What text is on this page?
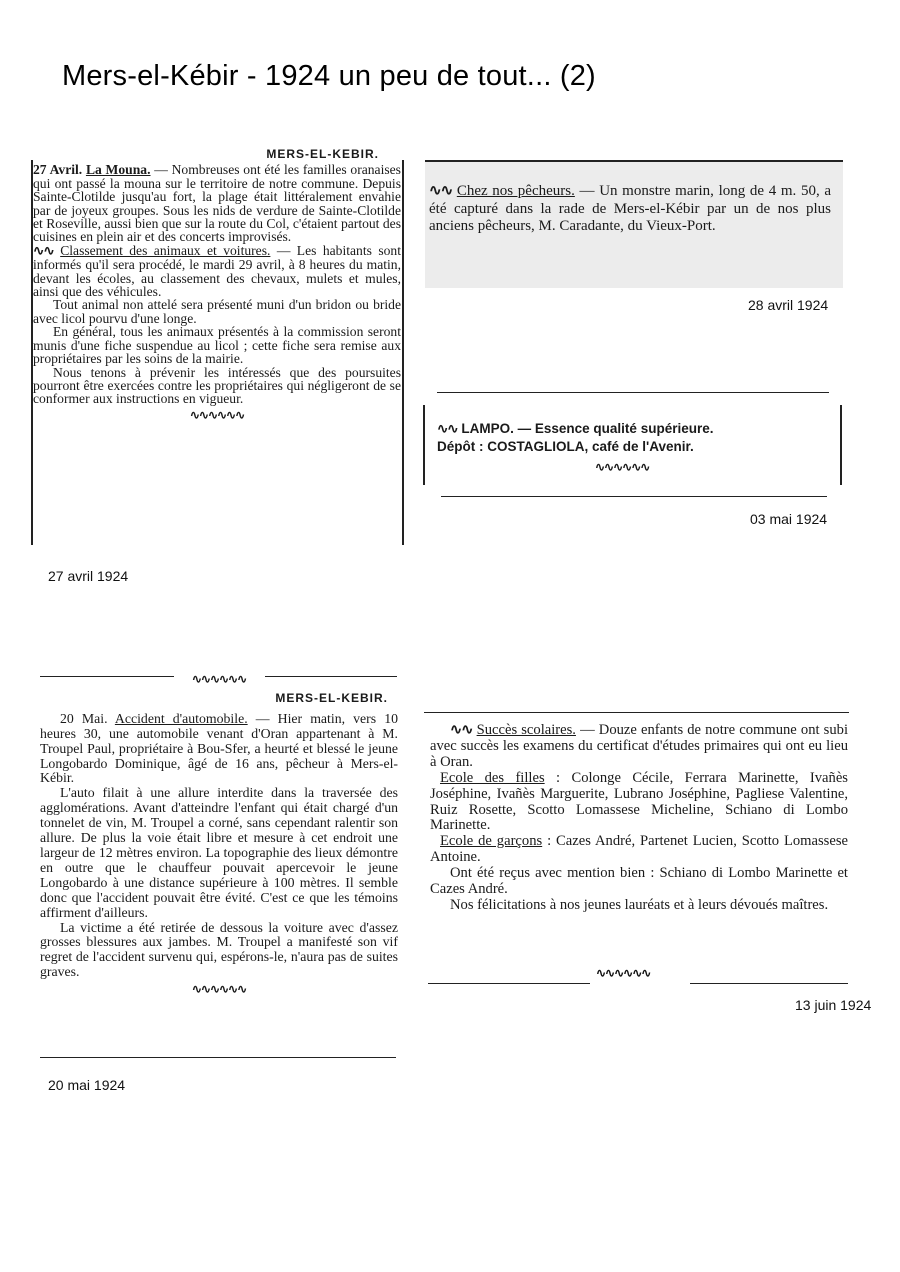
Mers-el-Kébir - 1924 un peu de tout... (2)
MERS-EL-KEBIR.

27 Avril. La Mouna. — Nombreuses ont été les familles oranaises qui ont passé la mouna sur le territoire de notre commune. Depuis Sainte-Clotilde jusqu'au fort, la plage était littéralement envahie par de joyeux groupes. Sous les nids de verdure de Sainte-Clotilde et Roseville, aussi bien que sur la route du Col, c'étaient partout des cuisines en plein air et des concerts improvisés.

∿∿ Classement des animaux et voitures. — Les habitants sont informés qu'il sera procédé, le mardi 29 avril, à 8 heures du matin, devant les écoles, au classement des chevaux, mulets et mules, ainsi que des véhicules.

Tout animal non attelé sera présenté muni d'un bridon ou bride avec licol pourvu d'une longe.

En général, tous les animaux présentés à la commission seront munis d'une fiche suspendue au licol ; cette fiche sera remise aux propriétaires par les soins de la mairie.

Nous tenons à prévenir les intéressés que des poursuites pourront être exercées contre les propriétaires qui négligeront de se conformer aux instructions en vigueur.

∿∿∿∿∿∿
27 avril 1924

∿∿ Chez nos pêcheurs. — Un monstre marin, long de 4 m. 50, a été capturé dans la rade de Mers-el-Kébir par un de nos plus anciens pêcheurs, M. Caradante, du Vieux-Port.

28 avril 1924

∿∿ LAMPO. — Essence qualité supérieure.

Dépôt : COSTAGLIOLA, café de l'Avenir.

∿∿∿∿∿∿
03 mai 1924
∿∿∿∿∿∿
MERS-EL-KEBIR.

20 Mai. Accident d'automobile. — Hier matin, vers 10 heures 30, une automobile venant d'Oran appartenant à M. Troupel Paul, propriétaire à Bou-Sfer, a heurté et blessé le jeune Longobardo Dominique, âgé de 16 ans, pêcheur à Mers-el-Kébir.

L'auto filait à une allure interdite dans la traversée des agglomérations. Avant d'atteindre l'enfant qui était chargé d'un tonnelet de vin, M. Troupel a corné, sans cependant ralentir son allure. De plus la voie était libre et mesure à cet endroit une largeur de 12 mètres environ. La topographie des lieux démontre en outre que le chauffeur pouvait apercevoir le jeune Longobardo à une distance supérieure à 100 mètres. Il semble donc que l'accident pouvait être évité. C'est ce que les témoins affirment d'ailleurs.

La victime a été retirée de dessous la voiture avec d'assez grosses blessures aux jambes. M. Troupel a manifesté son vif regret de l'accident survenu qui, espérons-le, n'aura pas de suites graves.

∿∿∿∿∿∿
20 mai 1924

∿∿ Succès scolaires. — Douze enfants de notre commune ont subi avec succès les examens du certificat d'études primaires qui ont eu lieu à Oran.

Ecole des filles : Colonge Cécile, Ferrara Marinette, Ivañès Joséphine, Ivañès Marguerite, Lubrano Joséphine, Pagliese Valentine, Ruiz Rosette, Scotto Lomassese Micheline, Schiano di Lombo Marinette.

Ecole de garçons : Cazes André, Partenet Lucien, Scotto Lomassese Antoine.

Ont été reçus avec mention bien : Schiano di Lombo Marinette et Cazes André.

Nos félicitations à nos jeunes lauréats et à leurs dévoués maîtres.

∿∿∿∿∿∿
13 juin 1924
